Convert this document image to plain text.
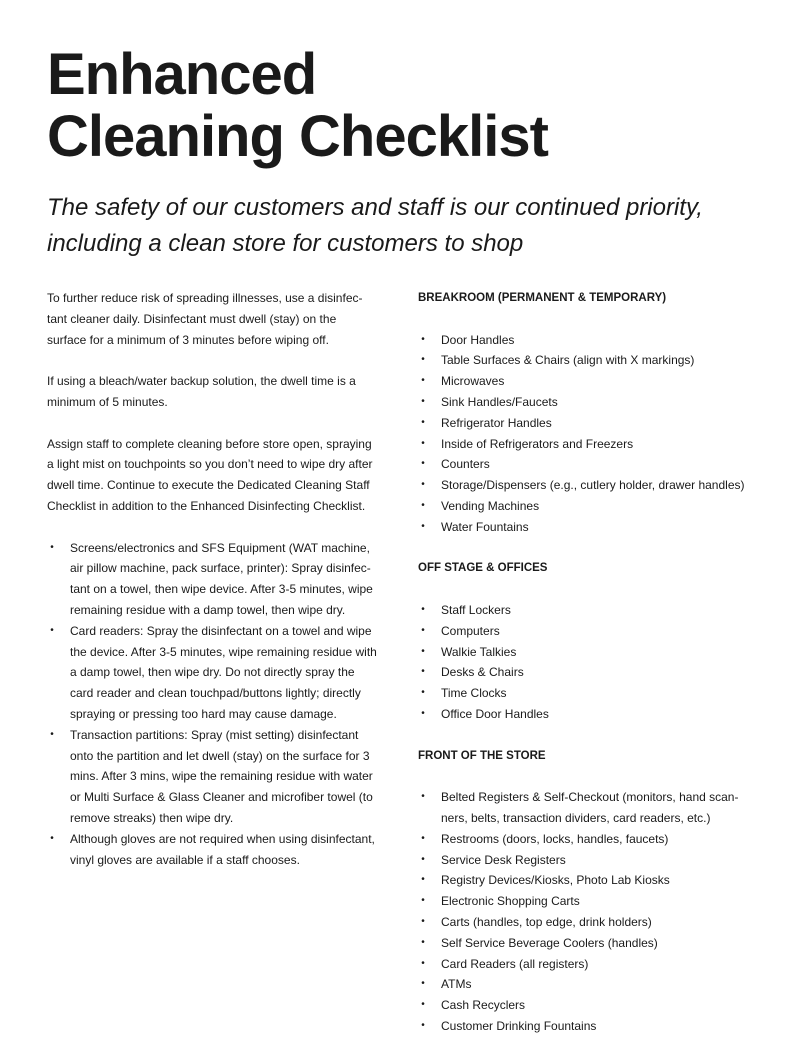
Enhanced
Cleaning Checklist

The safety of our customers and staff is our continued priority,
including a clean store for customers to shop

To further reduce risk of spreading illnesses, use a disinfec-tant cleaner daily. Disinfectant must dwell (stay) on the surface for a minimum of 3 minutes before wiping off.

If using a bleach/water backup solution, the dwell time is a minimum of 5 minutes.

Assign staff to complete cleaning before store open, spraying a light mist on touchpoints so you don’t need to wipe dry after dwell time. Continue to execute the Dedicated Cleaning Staff Checklist in addition to the Enhanced Disinfecting Checklist.

• Screens/electronics and SFS Equipment (WAT machine, air pillow machine, pack surface, printer): Spray disinfec-tant on a towel, then wipe device. After 3-5 minutes, wipe remaining residue with a damp towel, then wipe dry.
• Card readers: Spray the disinfectant on a towel and wipe the device. After 3-5 minutes, wipe remaining residue with a damp towel, then wipe dry. Do not directly spray the card reader and clean touchpad/buttons lightly; directly spraying or pressing too hard may cause damage.
• Transaction partitions: Spray (mist setting) disinfectant onto the partition and let dwell (stay) on the surface for 3 mins. After 3 mins, wipe the remaining residue with water or Multi Surface & Glass Cleaner and microfiber towel (to remove streaks) then wipe dry.
• Although gloves are not required when using disinfectant, vinyl gloves are available if a staff chooses.

BREAKROOM (PERMANENT & TEMPORARY)

• Door Handles
• Table Surfaces & Chairs (align with X markings)
• Microwaves
• Sink Handles/Faucets
• Refrigerator Handles
• Inside of Refrigerators and Freezers
• Counters
• Storage/Dispensers (e.g., cutlery holder, drawer handles)
• Vending Machines
• Water Fountains

OFF STAGE & OFFICES

• Staff Lockers
• Computers
• Walkie Talkies
• Desks & Chairs
• Time Clocks
• Office Door Handles

FRONT OF THE STORE

• Belted Registers & Self-Checkout (monitors, hand scan-ners, belts, transaction dividers, card readers, etc.)
• Restrooms (doors, locks, handles, faucets)
• Service Desk Registers
• Registry Devices/Kiosks, Photo Lab Kiosks
• Electronic Shopping Carts
• Carts (handles, top edge, drink holders)
• Self Service Beverage Coolers (handles)
• Card Readers (all registers)
• ATMs
• Cash Recyclers
• Customer Drinking Fountains
